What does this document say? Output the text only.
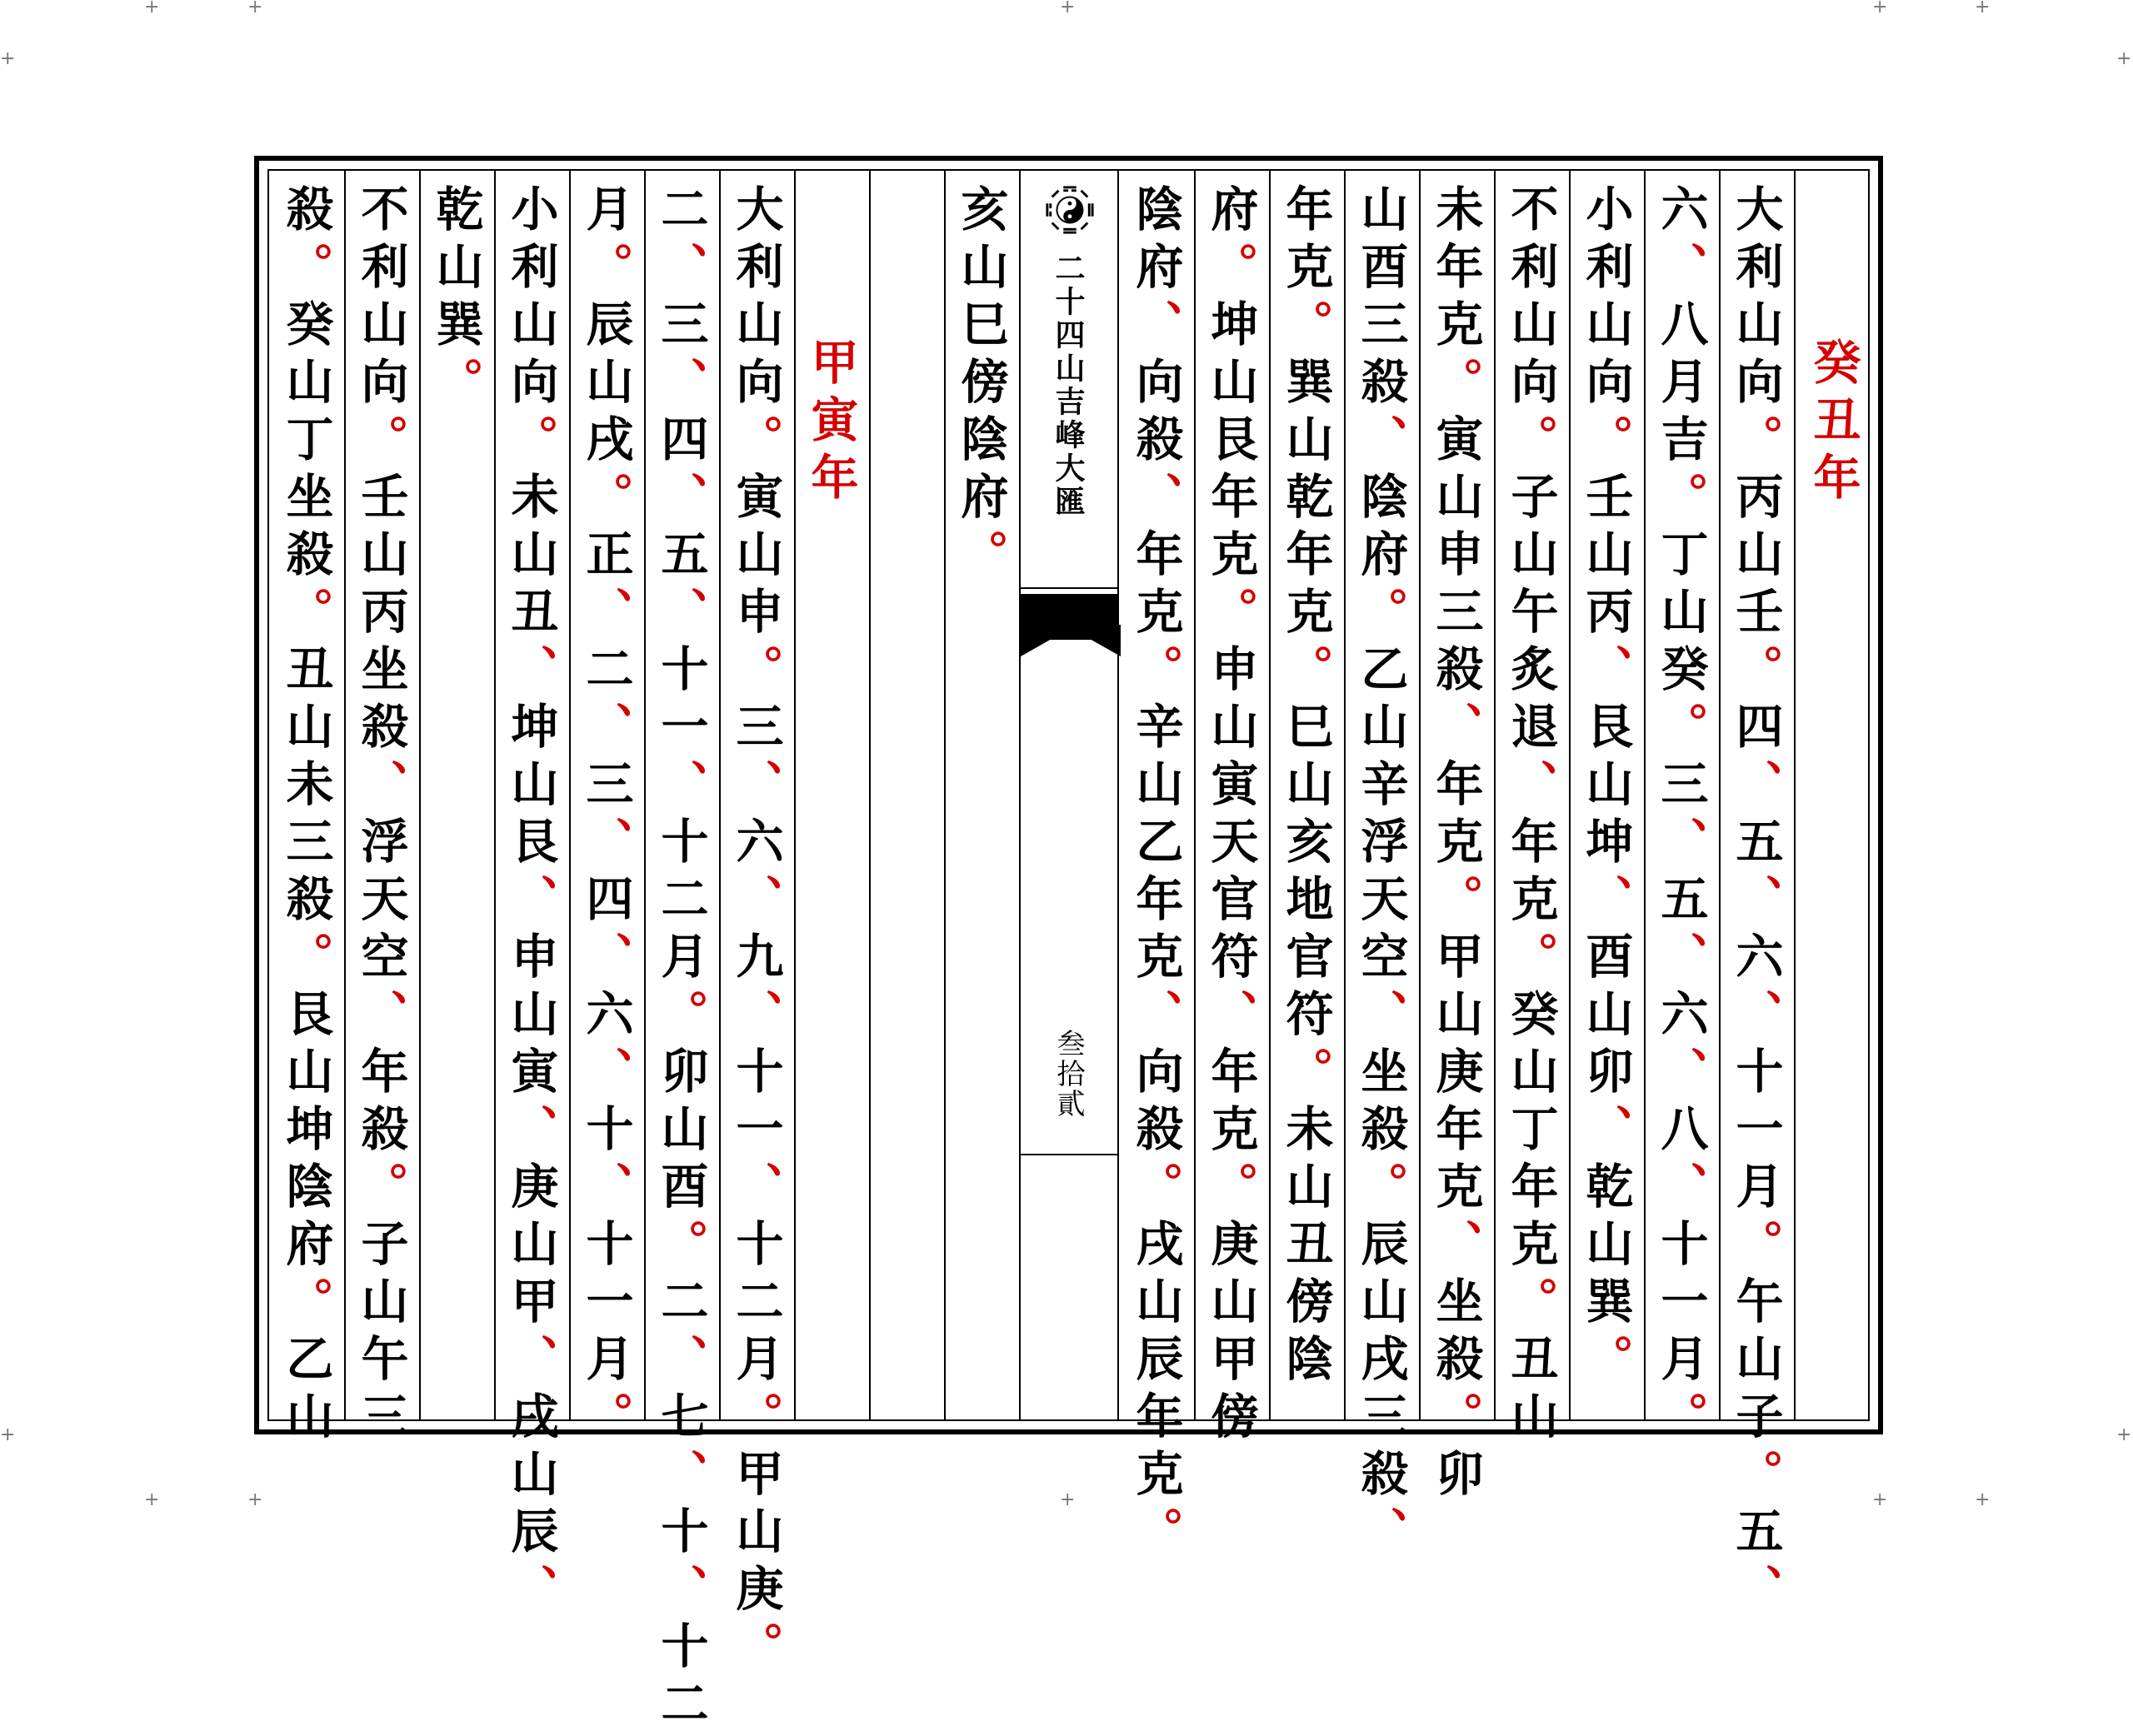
+	+	+	+	+
+	+
+	+
+	+	+	+	+
殺。癸山丁坐殺。丑山未三殺。艮山坤陰府。乙山
不利山向。壬山丙坐殺、浮天空、年殺。子山午三
乾山巽。
小利山向。未山丑、坤山艮、申山寅、庚山甲、戌山辰、
月。辰山戌。正、二、三、四、六、十、十一月。
二、三、四、五、十一、十二月。卯山酉。二、七、十、十二
大利山向。寅山申。三、六、九、十一、十二月。甲山庚。
甲寅年
亥山巳傍陰府。
二十四山吉峰大匯
叁拾貳
陰府、向殺、年克。辛山乙年克、向殺。戌山辰年克。
府。坤山艮年克。申山寅天官符、年克。庚山甲傍
年克。巽山乾年克。巳山亥地官符。未山丑傍陰
山酉三殺、陰府。乙山辛浮天空、坐殺。辰山戌三殺、
未年克。寅山申三殺、年克。甲山庚年克、坐殺。卯
不利山向。子山午炙退、年克。癸山丁年克。丑山
小利山向。壬山丙、艮山坤、酉山卯、乾山巽。
六、八月吉。丁山癸。三、五、六、八、十一月。
大利山向。丙山壬。四、五、六、十一月。午山子。五、
癸丑年
